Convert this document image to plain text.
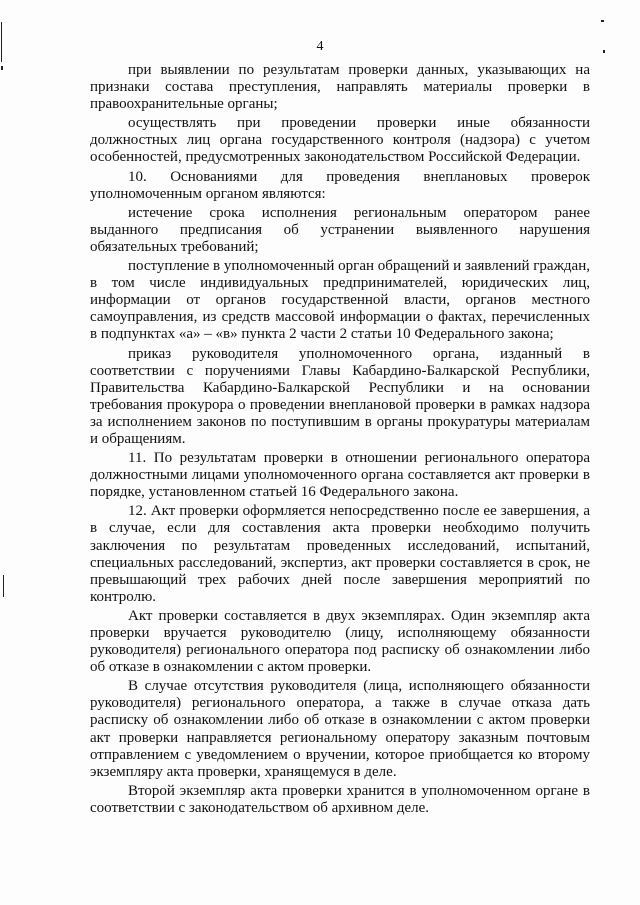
4

при выявлении по результатам проверки данных, указывающих на признаки состава преступления, направлять материалы проверки в правоохранительные органы;

осуществлять при проведении проверки иные обязанности должностных лиц органа государственного контроля (надзора) с учетом особенностей, предусмотренных законодательством Российской Федерации.

10. Основаниями для проведения внеплановых проверок уполномоченным органом являются:

истечение срока исполнения региональным оператором ранее выданного предписания об устранении выявленного нарушения обязательных требований;

поступление в уполномоченный орган обращений и заявлений граждан, в том числе индивидуальных предпринимателей, юридических лиц, информации от органов государственной власти, органов местного самоуправления, из средств массовой информации о фактах, перечисленных в подпунктах «а» – «в» пункта 2 части 2 статьи 10 Федерального закона;

приказ руководителя уполномоченного органа, изданный в соответствии с поручениями Главы Кабардино-Балкарской Республики, Правительства Кабардино-Балкарской Республики и на основании требования прокурора о проведении внеплановой проверки в рамках надзора за исполнением законов по поступившим в органы прокуратуры материалам и обращениям.

11. По результатам проверки в отношении регионального оператора должностными лицами уполномоченного органа составляется акт проверки в порядке, установленном статьей 16 Федерального закона.

12. Акт проверки оформляется непосредственно после ее завершения, а в случае, если для составления акта проверки необходимо получить заключения по результатам проведенных исследований, испытаний, специальных расследований, экспертиз, акт проверки составляется в срок, не превышающий трех рабочих дней после завершения мероприятий по контролю.

Акт проверки составляется в двух экземплярах. Один экземпляр акта проверки вручается руководителю (лицу, исполняющему обязанности руководителя) регионального оператора под расписку об ознакомлении либо об отказе в ознакомлении с актом проверки.

В случае отсутствия руководителя (лица, исполняющего обязанности руководителя) регионального оператора, а также в случае отказа дать расписку об ознакомлении либо об отказе в ознакомлении с актом проверки акт проверки направляется региональному оператору заказным почтовым отправлением с уведомлением о вручении, которое приобщается ко второму экземпляру акта проверки, хранящемуся в деле.

Второй экземпляр акта проверки хранится в уполномоченном органе в соответствии с законодательством об архивном деле.
